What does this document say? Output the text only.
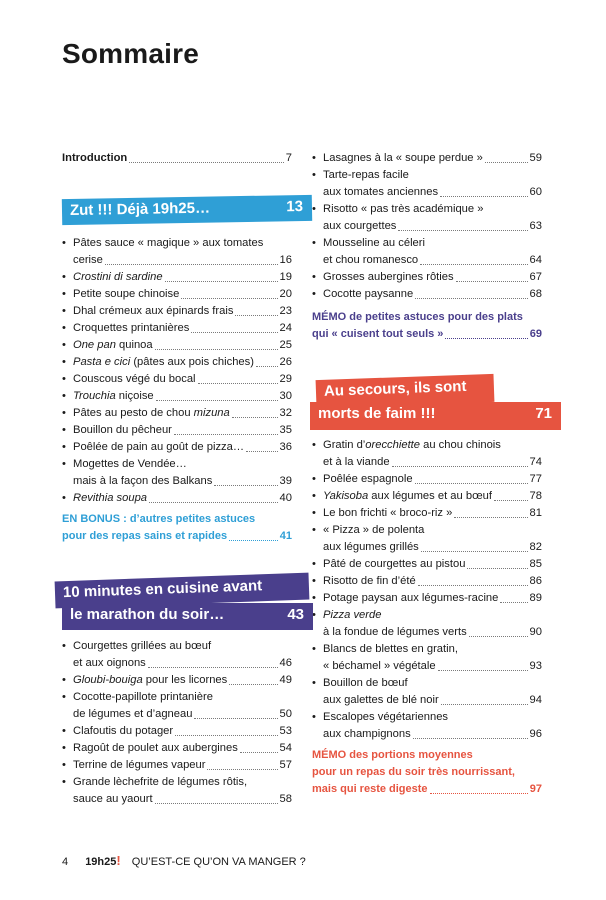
Sommaire
Introduction	7
• Pâtes sauce « magique » aux tomates
cerise	16
• Crostini di sardine	19
• Petite soupe chinoise	20
• Dhal crémeux aux épinards frais	23
• Croquettes printanières	24
• One pan quinoa	25
• Pasta e cici (pâtes aux pois chiches) 26
• Couscous végé du bocal	29
• Trouchia niçoise	30
• Pâtes au pesto de chou mizuna	32
• Bouillon du pêcheur	35
• Poêlée de pain au goût de pizza…	36
• Mogettes de Vendée…
mais à la façon des Balkans	39
• Revithia soupa	40
EN BONUS : d’autres petites astuces
pour des repas sains et rapides	41
• Courgettes grillées au bœuf
et aux oignons	46
• Gloubi-bouiga pour les licornes	49
• Cocotte-papillote printanière
de légumes et d’agneau	50
• Clafoutis du potager	53
• Ragoût de poulet aux aubergines	54
• Terrine de légumes vapeur	57
• Grande lèchefrite de légumes rôtis,
sauce au yaourt	58
• Lasagnes à la « soupe perdue »	59
• Tarte-repas facile
aux tomates anciennes	60
• Risotto « pas très académique »
aux courgettes	63
• Mousseline au céleri
et chou romanesco	64
• Grosses aubergines rôties	67
• Cocotte paysanne	68
MÉMO de petites astuces pour des plats
qui « cuisent tout seuls »	69
• Gratin d’orecchiette au chou chinois
et à la viande	74
• Poêlée espagnole	77
• Yakisoba aux légumes et au bœuf	78
• Le bon frichti « broco-riz »	81
• « Pizza » de polenta
aux légumes grillés	82
• Pâté de courgettes au pistou	85
• Risotto de fin d’été	86
• Potage paysan aux légumes-racine	89
• Pizza verde
à la fondue de légumes verts	90
• Blancs de blettes en gratin,
« béchamel » végétale	93
• Bouillon de bœuf
aux galettes de blé noir	94
• Escalopes végétariennes
aux champignons	96
MÉMO des portions moyennes
pour un repas du soir très nourrissant,
mais qui reste digeste	97
Zut !!! Déjà 19h25…	13
10 minutes en cuisine avant
le marathon du soir…	43
Au secours, ils sont
morts de faim !!!	71
4 19h25! QU’EST-CE QU’ON VA MANGER ?
